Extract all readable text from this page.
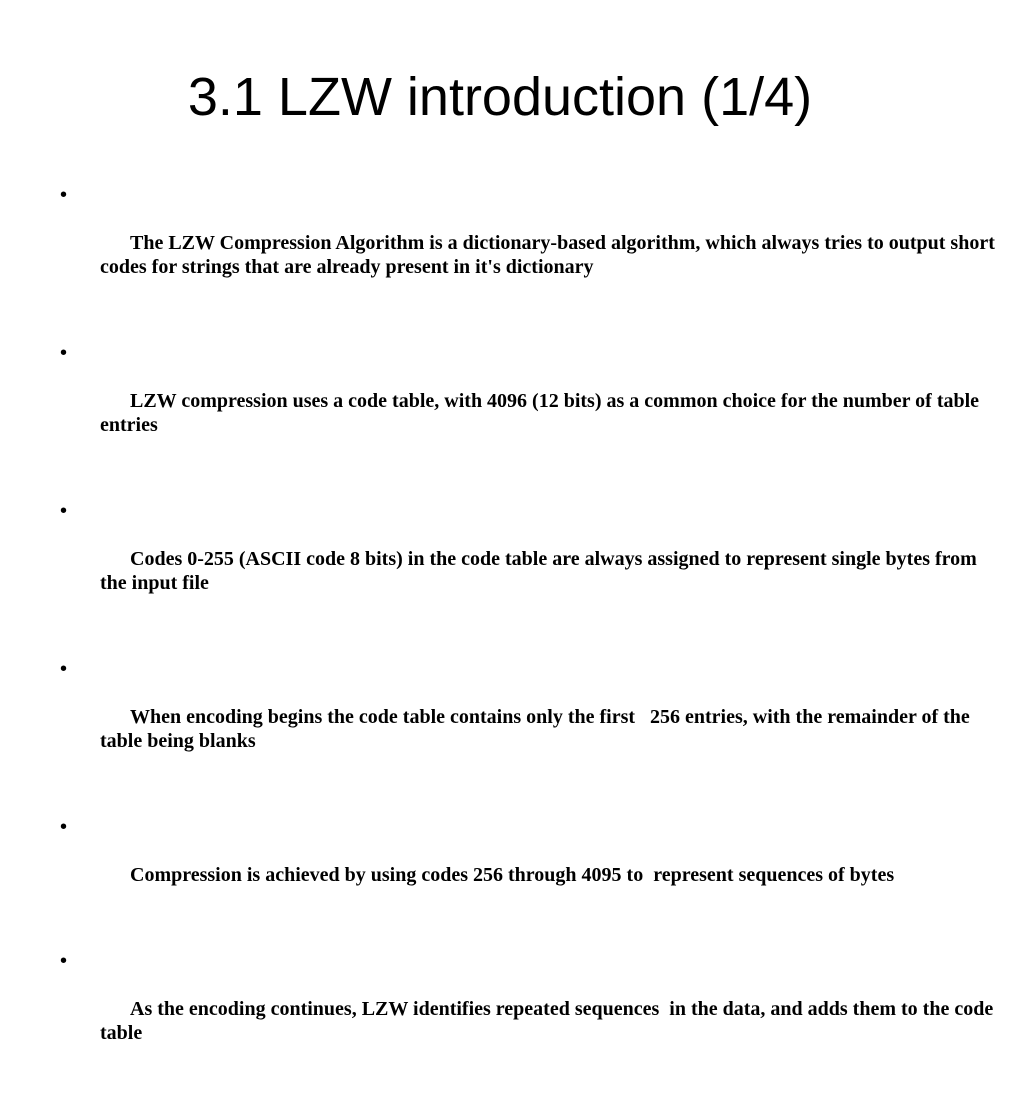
3.1 LZW introduction (1/4)

•

The LZW Compression Algorithm is a dictionary-based algorithm, which always tries to output short codes for strings that are already present in it's dictionary

•

LZW compression uses a code table, with 4096 (12 bits) as a common choice for the number of table entries

•

Codes 0-255 (ASCII code 8 bits) in the code table are always assigned to represent single bytes from the input file

•

When encoding begins the code table contains only the first   256 entries, with the remainder of the table being blanks

•

Compression is achieved by using codes 256 through 4095 to  represent sequences of bytes

•

As the encoding continues, LZW identifies repeated sequences  in the data, and adds them to the code table
